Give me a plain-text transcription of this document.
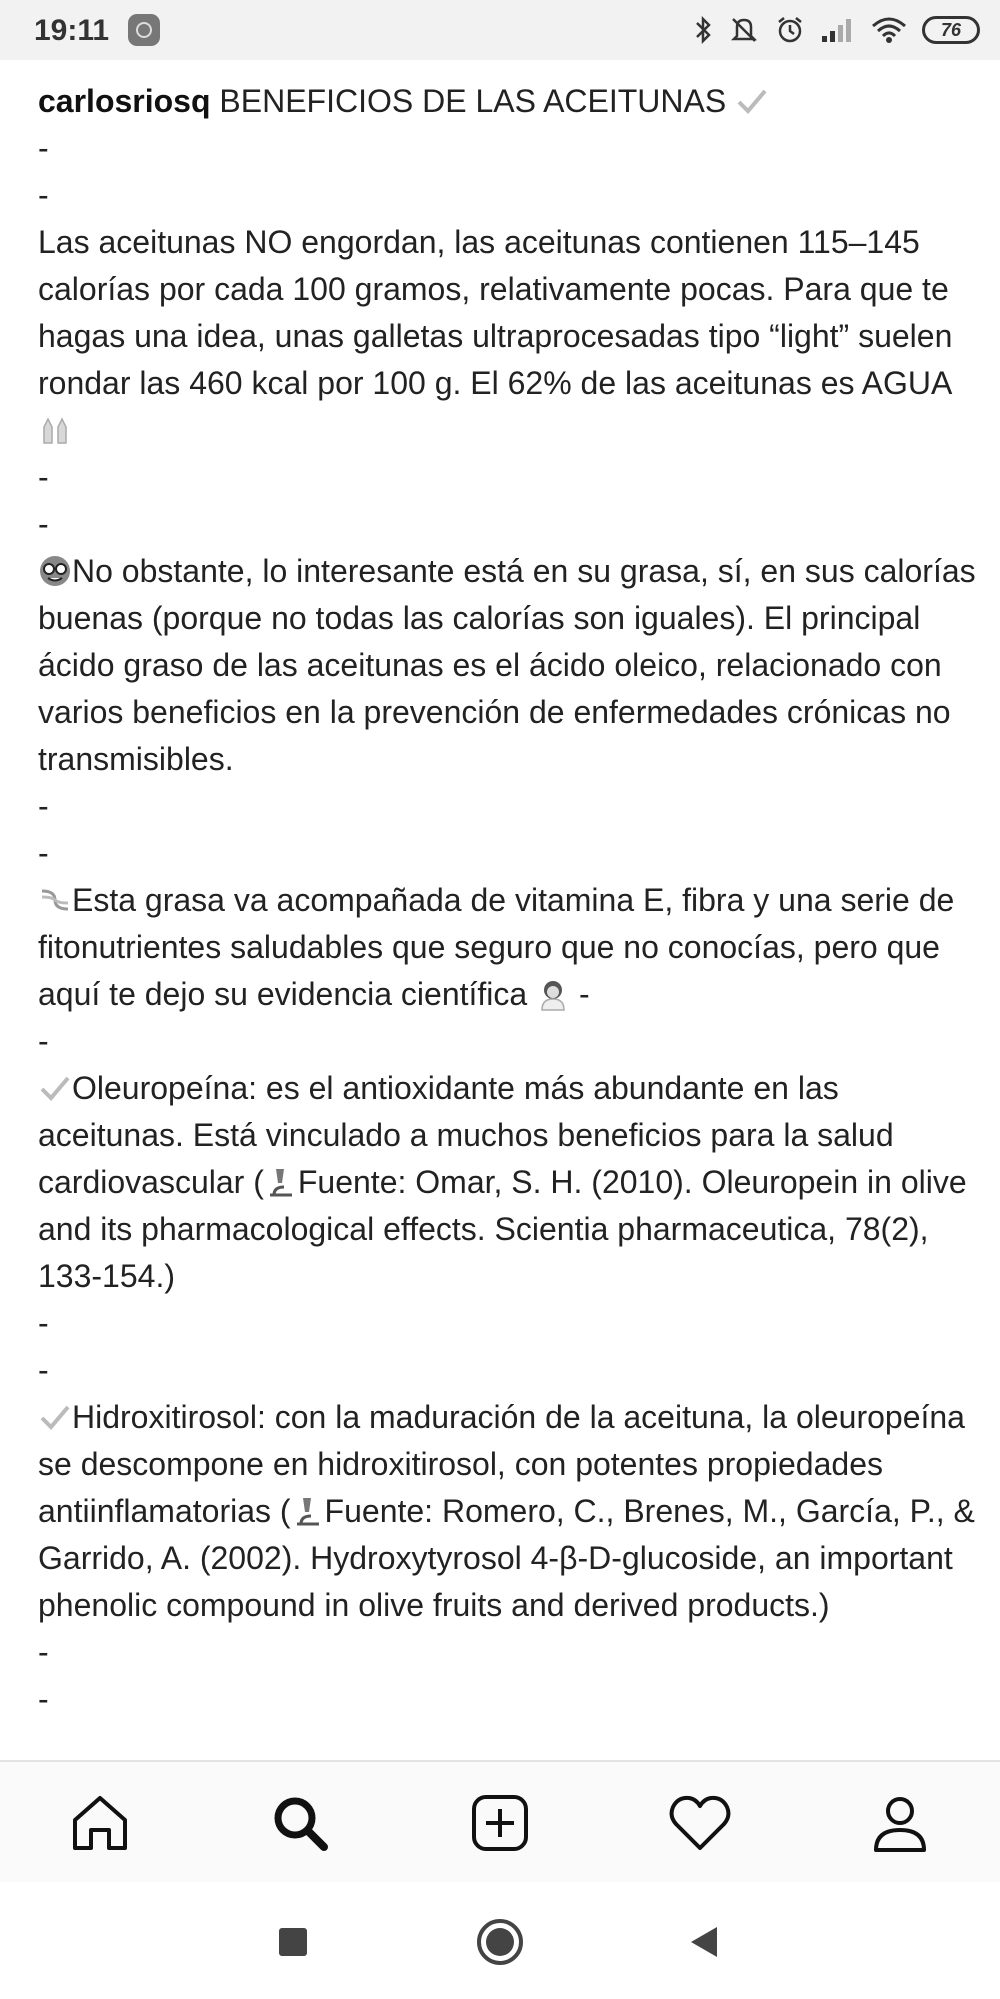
19:11	76

carlosriosq BENEFICIOS DE LAS ACEITUNAS

-

-

Las aceitunas NO engordan, las aceitunas contienen 115–145 calorías por cada 100 gramos, relativamente pocas. Para que te hagas una idea, unas galletas ultraprocesadas tipo “light” suelen rondar las 460 kcal por 100 g. El 62% de las aceitunas es AGUA

-

-

No obstante, lo interesante está en su grasa, sí, en sus calorías buenas (porque no todas las calorías son iguales). El principal ácido graso de las aceitunas es el ácido oleico, relacionado con varios beneficios en la prevención de enfermedades crónicas no transmisibles.

-

-

Esta grasa va acompañada de vitamina E, fibra y una serie de fitonutrientes saludables que seguro que no conocías, pero que aquí te dejo su evidencia científica
-

-

Oleuropeína: es el antioxidante más abundante en las aceitunas. Está vinculado a muchos beneficios para la salud cardiovascular ( Fuente: Omar, S. H. (2010). Oleuropein in olive and its pharmacological effects. Scientia pharmaceutica, 78(2), 133-154.)

-

-

Hidroxitirosol: con la maduración de la aceituna, la oleuropeína se descompone en hidroxitirosol, con potentes propiedades antiinflamatorias ( Fuente: Romero, C., Brenes, M., García, P., & Garrido, A. (2002). Hydroxytyrosol 4-β-D-glucoside, an important phenolic compound in olive fruits and derived products.)

-

-
